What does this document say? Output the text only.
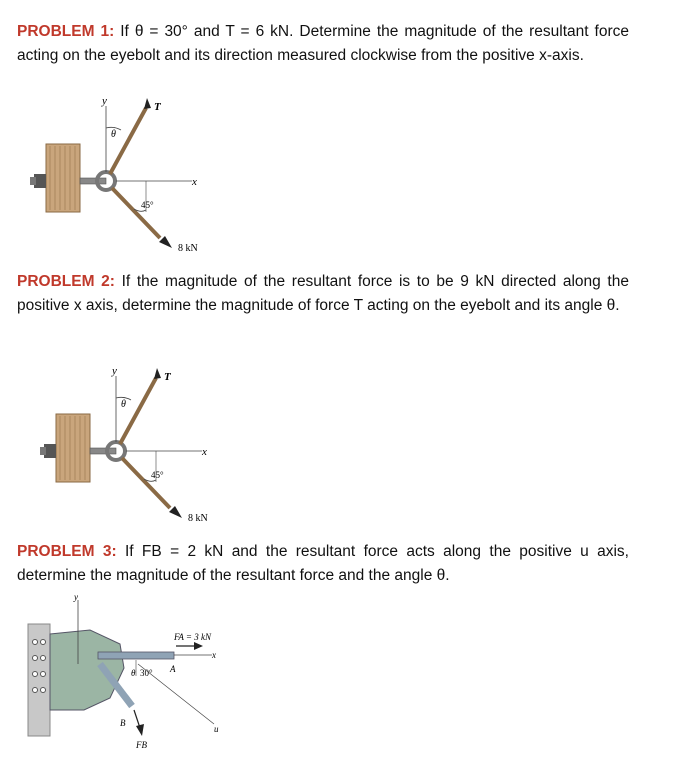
PROBLEM 1: If θ = 30° and T = 6 kN. Determine the magnitude of the resultant force acting on the eyebolt and its direction measured clockwise from the positive x-axis.

y
x
T
θ
8 kN
45°

PROBLEM 2: If the magnitude of the resultant force is to be 9 kN directed along the positive x axis, determine the magnitude of force T acting on the eyebolt and its angle θ.

y
x
T
θ
8 kN
45°

PROBLEM 3: If FB = 2 kN and the resultant force acts along the positive u axis, determine the magnitude of the resultant force and the angle θ.

y
A
x
FA = 3 kN
B
FB
θ 30°
u
